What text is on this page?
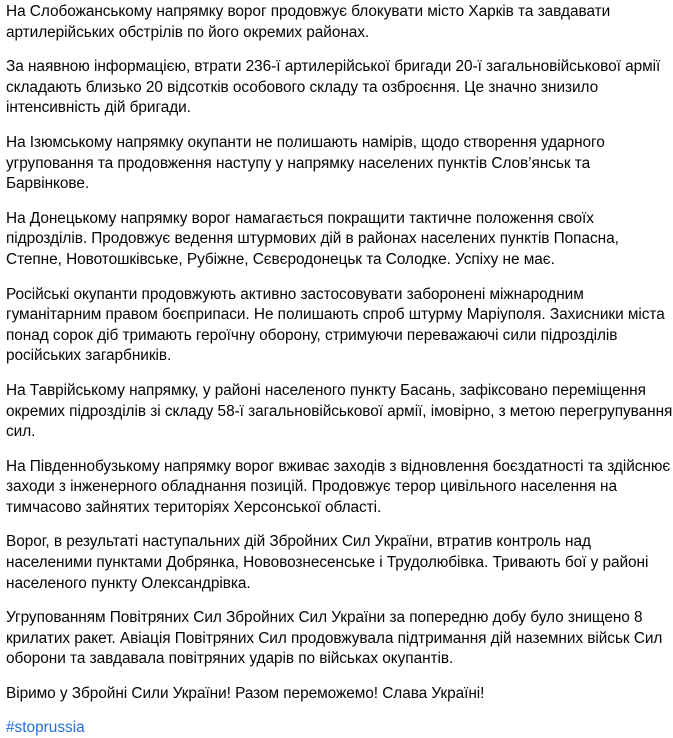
На Слобожанському напрямку ворог продовжує блокувати місто Харків та завдавати артилерійських обстрілів по його окремих районах.
За наявною інформацією, втрати 236-ї артилерійської бригади 20-ї загальновійськової армії складають близько 20 відсотків особового складу та озброєння. Це значно знизило інтенсивність дій бригади.
На Ізюмському напрямку окупанти не полишають намірів, щодо створення ударного угруповання та продовження наступу у напрямку населених пунктів Слов’янськ та Барвінкове.
На Донецькому напрямку ворог намагається покращити тактичне положення своїх підрозділів. Продовжує ведення штурмових дій в районах населених пунктів Попасна, Степне, Новотошківське, Рубіжне, Сєвєродонецьк та Солодке. Успіху не має.
Російські окупанти продовжують активно застосовувати заборонені міжнародним гуманітарним правом боєприпаси. Не полишають спроб штурму Маріуполя. Захисники міста понад сорок діб тримають героїчну оборону, стримуючи переважаючі сили підрозділів російських загарбників.
На Таврійському напрямку, у районі населеного пункту Басань, зафіксовано переміщення окремих підрозділів зі складу 58-ї загальновійськової армії, імовірно, з метою перегрупування сил.
На Південнобузькому напрямку ворог вживає заходів з відновлення боєздатності та здійснює заходи з інженерного обладнання позицій. Продовжує терор цивільного населення на тимчасово зайнятих територіях Херсонської області.
Ворог, в результаті наступальних дій Збройних Сил України, втратив контроль над населеними пунктами Добрянка, Нововознесенське і Трудолюбівка. Тривають бої у районі населеного пункту Олександрівка.
Угрупованням Повітряних Сил Збройних Сил України за попередню добу було знищено 8 крилатих ракет. Авіація Повітряних Сил продовжувала підтримання дій наземних військ Сил оборони та завдавала повітряних ударів по військах окупантів.
Віримо у Збройні Сили України! Разом переможемо! Слава Україні!
#stoprussia
